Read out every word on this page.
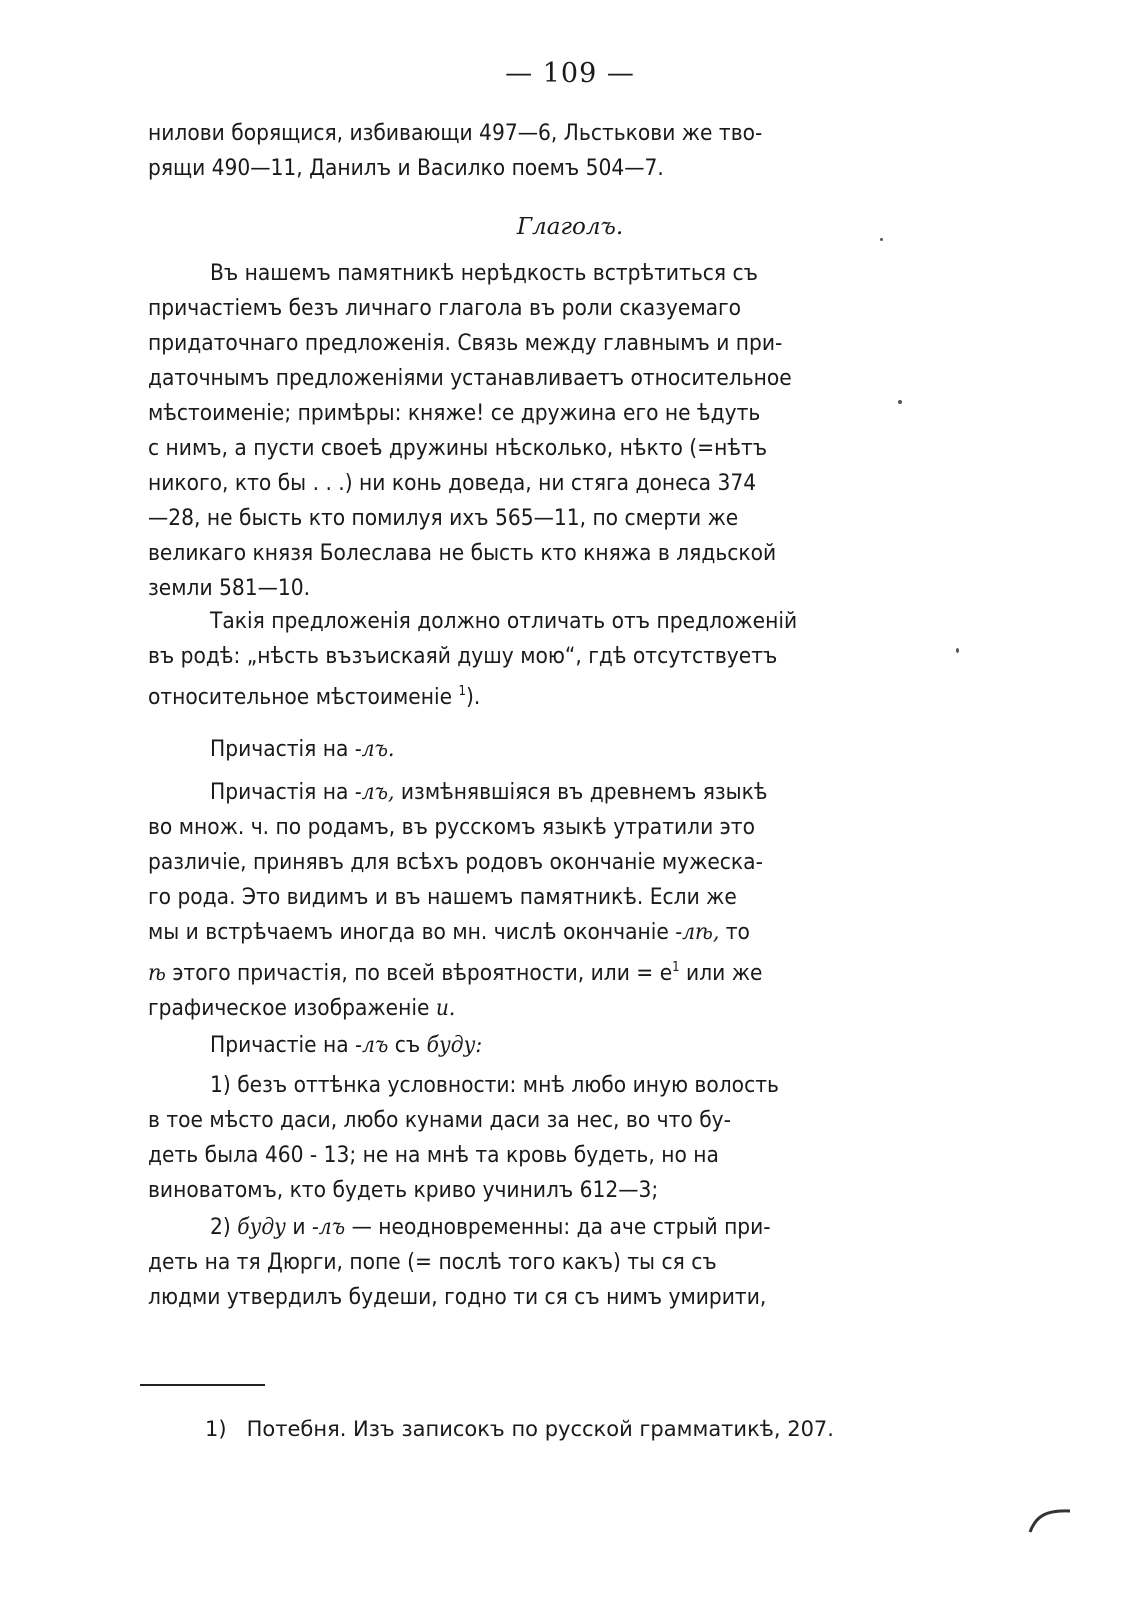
— 109 —

нилови борящися, избивающи 497—6, Льстькови же тво-

рящи 490—11, Данилъ и Василко поемъ 504—7.

Глаголъ.

Въ нашемъ памятникѣ нерѣдкость встрѣтиться съ

причастіемъ безъ личнаго глагола въ роли сказуемаго

придаточнаго предложенія. Связь между главнымъ и при-

даточнымъ предложеніями устанавливаетъ относительное

мѣстоименіе; примѣры: княже! се дружина его не ѣдуть

с нимъ, а пусти своеѣ дружины нѣсколько, нѣкто (=нѣтъ

никого, кто бы . . .) ни конь доведа, ни стяга донеса 374

—28, не бысть кто помилуя ихъ 565—11, по смерти же

великаго князя Болеслава не бысть кто княжа в лядьской

земли 581—10.

Такія предложенія должно отличать отъ предложеній

въ родѣ: „нѣсть възъискаяй душу мою“, гдѣ отсутствуетъ

относительное мѣстоименіе $^1$).

Причастія на -лъ.

Причастія на -лъ, измѣнявшіяся въ древнемъ языкѣ

во множ. ч. по родамъ, въ русскомъ языкѣ утратили это

различіе, принявъ для всѣхъ родовъ окончаніе мужеска-

го рода. Это видимъ и въ нашемъ памятникѣ. Если же

мы и встрѣчаемъ иногда во мн. числѣ окончаніе -лѣ, то

ѣ этого причастія, по всей вѣроятности, или = $е^1$ или же

графическое изображеніе и.

Причастіе на -лъ съ буду:

1) безъ оттѣнка условности: мнѣ любо иную волость

в тое мѣсто даси, любо кунами даси за нес, во что бу-

деть была 460 - 13; не на мнѣ та кровь будеть, но на

виноватомъ, кто будеть криво учинилъ 612—3;

2) буду и -лъ — неодновременны: да аче стрый при-

деть на тя Дюрги, попе (= послѣ того какъ) ты ся съ

людми утвердилъ будеши, годно ти ся съ нимъ умирити,

1) Потебня. Изъ записокъ по русской грамматикѣ, 207.
